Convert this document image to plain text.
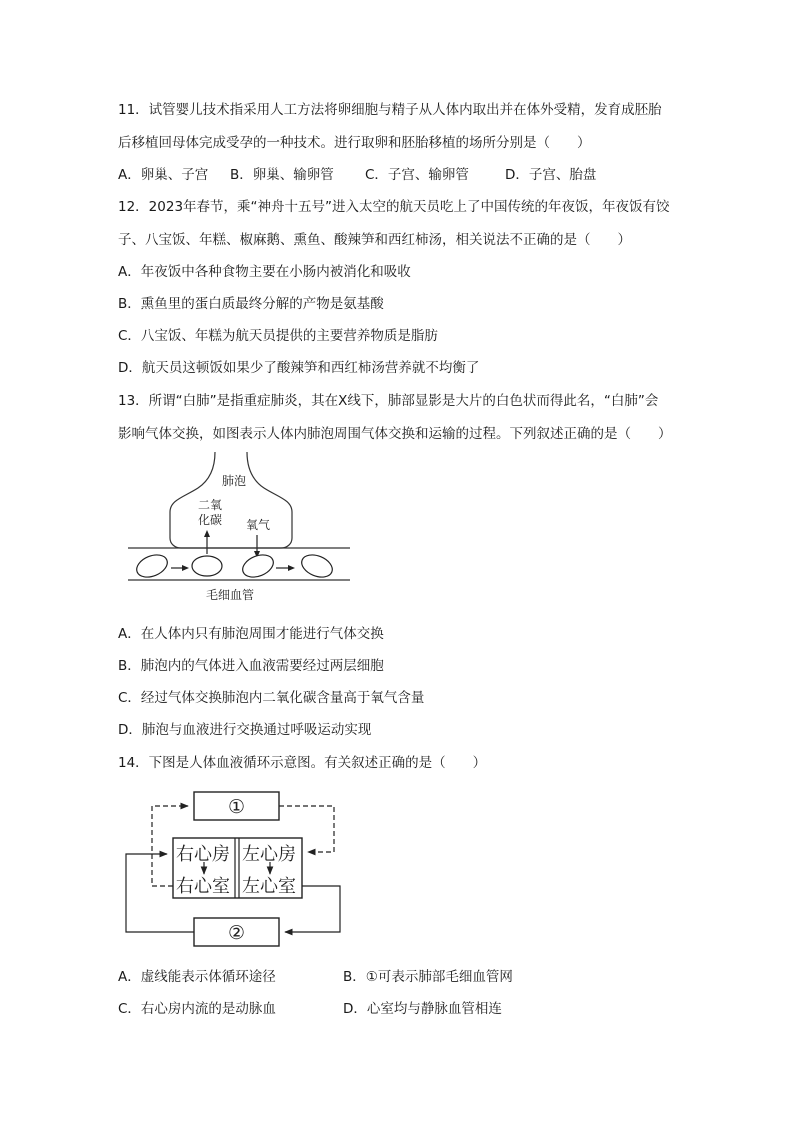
11．试管婴儿技术指采用人工方法将卵细胞与精子从人体内取出并在体外受精，发育成胚胎
后移植回母体完成受孕的一种技术。进行取卵和胚胎移植的场所分别是（　　）
A．卵巢、子宫 B．卵巢、输卵管 C．子宫、输卵管	D．子宫、胎盘
12．2023年春节，乘“神舟十五号”进入太空的航天员吃上了中国传统的年夜饭，年夜饭有饺
子、八宝饭、年糕、椒麻鹅、熏鱼、酸辣笋和西红柿汤，相关说法不正确的是（　　）
A．年夜饭中各种食物主要在小肠内被消化和吸收
B．熏鱼里的蛋白质最终分解的产物是氨基酸
C．八宝饭、年糕为航天员提供的主要营养物质是脂肪
D．航天员这顿饭如果少了酸辣笋和西红柿汤营养就不均衡了
13．所谓“白肺”是指重症肺炎，其在X线下，肺部显影是大片的白色状而得此名，“白肺”会
影响气体交换，如图表示人体内肺泡周围气体交换和运输的过程。下列叙述正确的是（　　）
肺泡
二氧
化碳 氧气
毛细血管
A．在人体内只有肺泡周围才能进行气体交换
B．肺泡内的气体进入血液需要经过两层细胞
C．经过气体交换肺泡内二氧化碳含量高于氧气含量
D．肺泡与血液进行交换通过呼吸运动实现
14．下图是人体血液循环示意图。有关叙述正确的是（　　）
①
右心房 左心房
右心室 左心室
②
A．虚线能表示体循环途径	B．①可表示肺部毛细血管网
C．右心房内流的是动脉血	D．心室均与静脉血管相连
